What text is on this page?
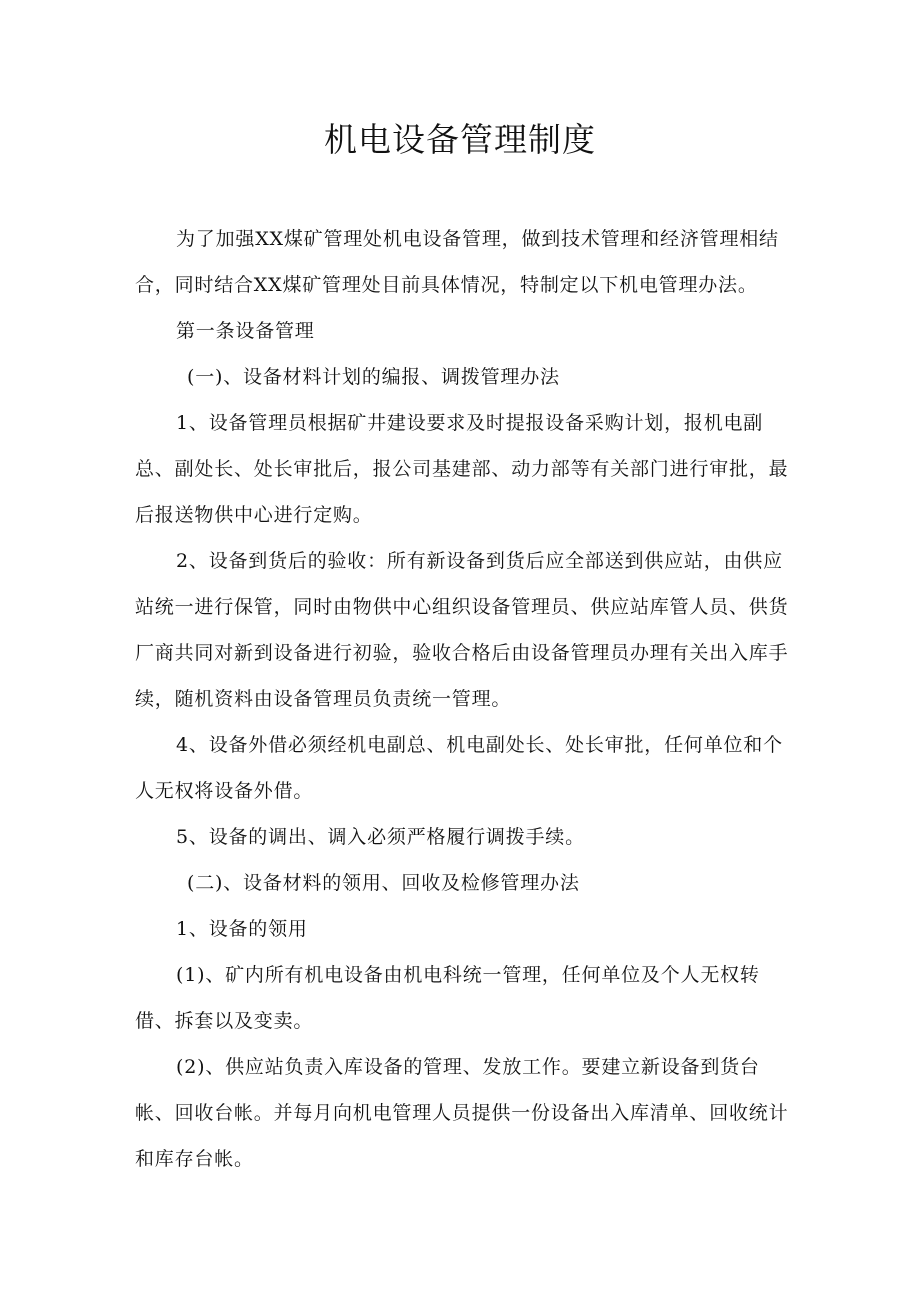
机电设备管理制度

为了加强XX煤矿管理处机电设备管理，做到技术管理和经济管理相结合，同时结合XX煤矿管理处目前具体情况，特制定以下机电管理办法。

第一条设备管理

(一)、设备材料计划的编报、调拨管理办法

1、设备管理员根据矿井建设要求及时提报设备采购计划，报机电副总、副处长、处长审批后，报公司基建部、动力部等有关部门进行审批，最后报送物供中心进行定购。

2、设备到货后的验收：所有新设备到货后应全部送到供应站，由供应站统一进行保管，同时由物供中心组织设备管理员、供应站库管人员、供货厂商共同对新到设备进行初验，验收合格后由设备管理员办理有关出入库手续，随机资料由设备管理员负责统一管理。

4、设备外借必须经机电副总、机电副处长、处长审批，任何单位和个人无权将设备外借。

5、设备的调出、调入必须严格履行调拨手续。

(二)、设备材料的领用、回收及检修管理办法

1、设备的领用

(1)、矿内所有机电设备由机电科统一管理，任何单位及个人无权转借、拆套以及变卖。

(2)、供应站负责入库设备的管理、发放工作。要建立新设备到货台帐、回收台帐。并每月向机电管理人员提供一份设备出入库清单、回收统计和库存台帐。
